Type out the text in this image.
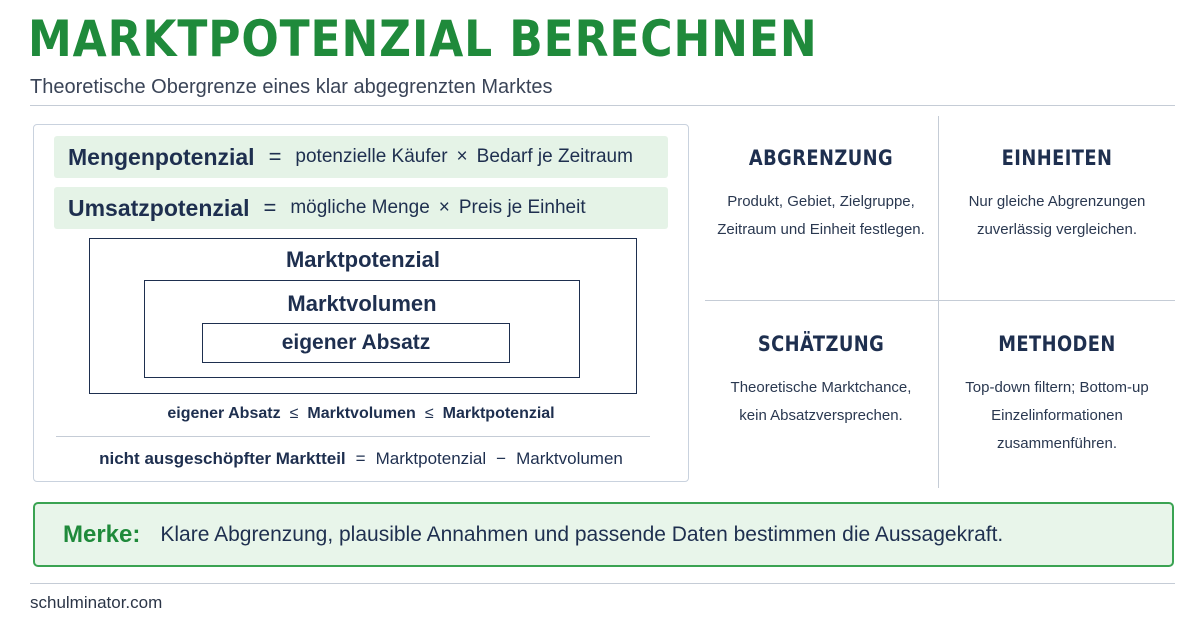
MARKTPOTENZIAL BERECHNEN
Theoretische Obergrenze eines klar abgegrenzten Marktes
Mengenpotenzial = potenzielle Käufer × Bedarf je Zeitraum
Umsatzpotenzial = mögliche Menge × Preis je Einheit
Marktpotenzial
Marktvolumen
eigener Absatz
eigener Absatz ≤ Marktvolumen ≤ Marktpotenzial
nicht ausgeschöpfter Marktteil = Marktpotenzial − Marktvolumen
ABGRENZUNG
Produkt, Gebiet, Zielgruppe,
Zeitraum und Einheit festlegen.
EINHEITEN
Nur gleiche Abgrenzungen
zuverlässig vergleichen.
SCHÄTZUNG
Theoretische Marktchance,
kein Absatzversprechen.
METHODEN
Top-down filtern; Bottom-up
Einzelinformationen
zusammenführen.
Merke: Klare Abgrenzung, plausible Annahmen und passende Daten bestimmen die Aussagekraft.
schulminator.com
